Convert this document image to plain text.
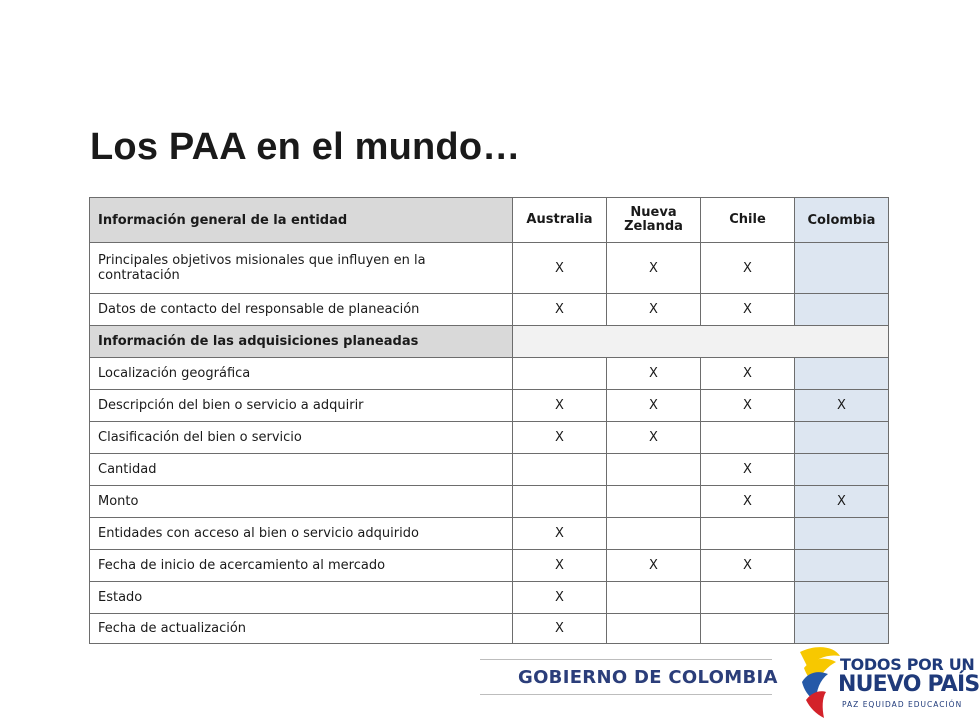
Los PAA en el mundo…
Información general de la entidad	Australia	Nueva Zelanda	Chile	Colombia
Principales objetivos misionales que influyen en la contratación	X	X	X	
Datos de contacto del responsable de planeación	X	X	X	
Información de las adquisiciones planeadas				
Localización geográfica		X	X	
Descripción del bien o servicio a adquirir	X	X	X	X
Clasificación del bien o servicio	X	X		
Cantidad			X	
Monto			X	X
Entidades con acceso al bien o servicio adquirido	X			
Fecha de inicio de acercamiento al mercado	X	X	X	
Estado	X			
Fecha de actualización	X			
GOBIERNO DE COLOMBIA
TODOS POR UN
NUEVO PAÍS
PAZ EQUIDAD EDUCACIÓN
